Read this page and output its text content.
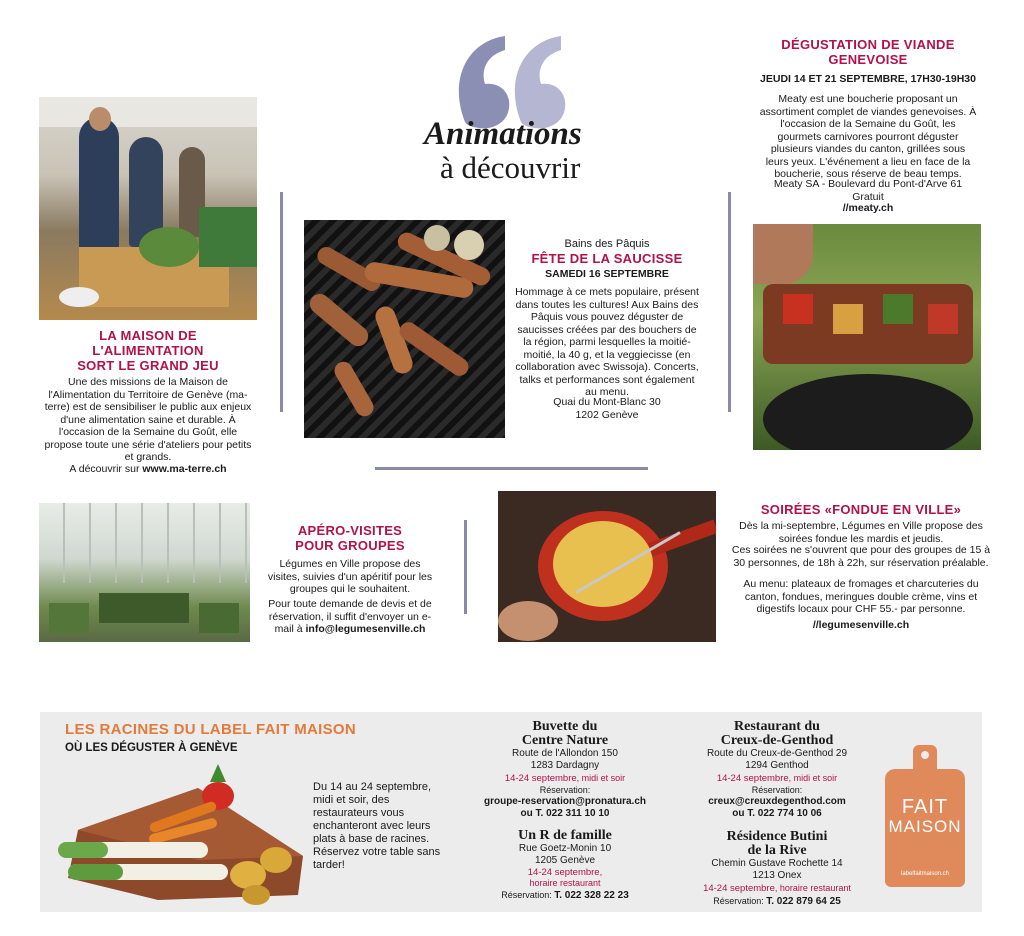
Animations
à découvrir
LA MAISON DE
L'ALIMENTATION
SORT LE GRAND JEU
Une des missions de la Maison de l'Alimentation du Territoire de Genève (ma-terre) est de sensibiliser le public aux enjeux d'une alimentation saine et durable. À l'occasion de la Semaine du Goût, elle propose toute une série d'ateliers pour petits et grands.
A découvrir sur www.ma-terre.ch
Bains des Pâquis
FÊTE DE LA SAUCISSE
SAMEDI 16 SEPTEMBRE
Hommage à ce mets populaire, présent dans toutes les cultures! Aux Bains des Pâquis vous pouvez déguster de saucisses créées par des bouchers de la région, parmi lesquelles la moitié-moitié, la 40 g, et la veggiecisse (en collaboration avec Swissoja). Concerts, talks et performances sont également au menu.
Quai du Mont-Blanc 30
1202 Genève
DÉGUSTATION DE VIANDE
GENEVOISE
JEUDI 14 ET 21 SEPTEMBRE, 17H30-19H30
Meaty est une boucherie proposant un assortiment complet de viandes genevoises. À l'occasion de la Semaine du Goût, les gourmets carnivores pourront déguster plusieurs viandes du canton, grillées sous leurs yeux. L'événement a lieu en face de la boucherie, sous réserve de beau temps.
Meaty SA - Boulevard du Pont-d'Arve 61
Gratuit
//meaty.ch
APÉRO-VISITES
POUR GROUPES
Légumes en Ville propose des visites, suivies d'un apéritif pour les groupes qui le souhaitent.
Pour toute demande de devis et de réservation, il suffit d'envoyer un e-mail à info@legumesenville.ch
SOIRÉES «FONDUE EN VILLE»
Dès la mi-septembre, Légumes en Ville propose des soirées fondue les mardis et jeudis.
Ces soirées ne s'ouvrent que pour des groupes de 15 à 30 personnes, de 18h à 22h, sur réservation préalable.
Au menu: plateaux de fromages et charcuteries du canton, fondues, meringues double crème, vins et digestifs locaux pour CHF 55.- par personne.
//legumesenville.ch
LES RACINES DU LABEL FAIT MAISON
OÙ LES DÉGUSTER À GENÈVE
Du 14 au 24 septembre, midi et soir, des restaurateurs vous enchanteront avec leurs plats à base de racines. Réservez votre table sans tarder!
Buvette du
Centre Nature
Route de l'Allondon 150
1283 Dardagny
14-24 septembre, midi et soir
Réservation:
groupe-reservation@pronatura.ch
ou T. 022 311 10 10
Un R de famille
Rue Goetz-Monin 10
1205 Genève
14-24 septembre,
horaire restaurant
Réservation: T. 022 328 22 23
Restaurant du
Creux-de-Genthod
Route du Creux-de-Genthod 29
1294 Genthod
14-24 septembre, midi et soir
Réservation:
creux@creuxdegenthod.com
ou T. 022 774 10 06
Résidence Butini
de la Rive
Chemin Gustave Rochette 14
1213 Onex
14-24 septembre, horaire restaurant
Réservation: T. 022 879 64 25
FAIT
MAISON
labelfaitmaison.ch
